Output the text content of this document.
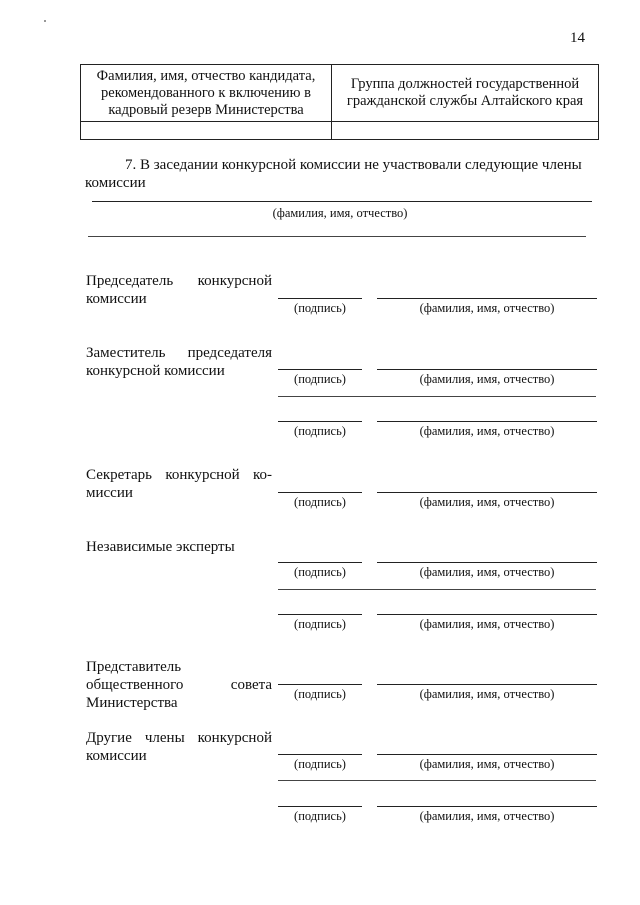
14
Фамилия, имя, отчество кандидата, рекомендованного к включению в кадровый резерв Министерства	Группа должностей государственной гражданской службы Алтайского края

7. В заседании конкурсной комиссии не участвовали следующие члены комиссии
(фамилия, имя, отчество)
Председатель конкурсной комиссии
(подпись)	(фамилия, имя, отчество)
Заместитель председателя конкурсной комиссии	(подпись)	(фамилия, имя, отчество)
(подпись)	(фамилия, имя, отчество)
Секретарь конкурсной ко-миссии
(подпись)	(фамилия, имя, отчество)
Независимые эксперты
(подпись)	(фамилия, имя, отчество)
(подпись)	(фамилия, имя, отчество)
Представитель общественного совета Министерства
(подпись)	(фамилия, имя, отчество)
Другие члены конкурсной комиссии	(подпись)	(фамилия, имя, отчество)
(подпись)	(фамилия, имя, отчество)
